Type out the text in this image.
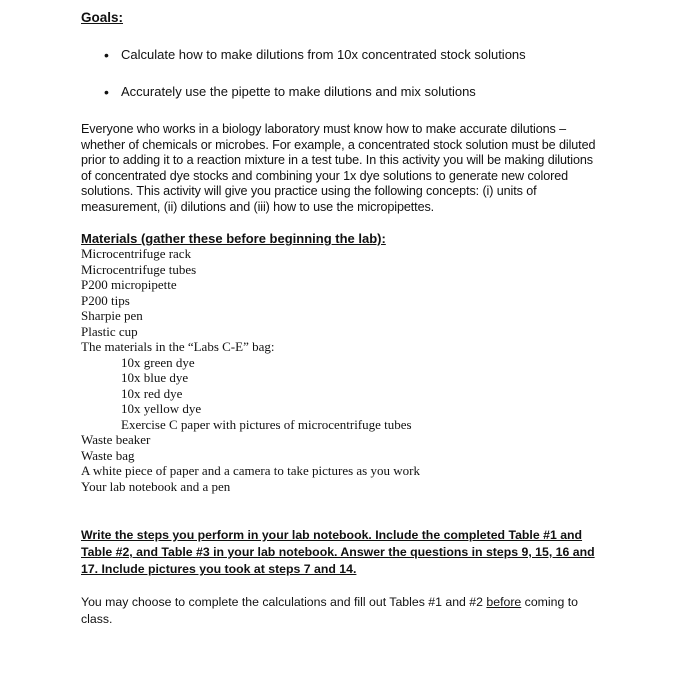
Goals:

• Calculate how to make dilutions from 10x concentrated stock solutions
• Accurately use the pipette to make dilutions and mix solutions

Everyone who works in a biology laboratory must know how to make accurate dilutions – whether of chemicals or microbes. For example, a concentrated stock solution must be diluted prior to adding it to a reaction mixture in a test tube. In this activity you will be making dilutions of concentrated dye stocks and combining your 1x dye solutions to generate new colored solutions. This activity will give you practice using the following concepts: (i) units of measurement, (ii) dilutions and (iii) how to use the micropipettes.

Materials (gather these before beginning the lab):

Microcentrifuge rack
Microcentrifuge tubes
P200 micropipette
P200 tips
Sharpie pen
Plastic cup
The materials in the “Labs C-E” bag:
10x green dye
10x blue dye
10x red dye
10x yellow dye
Exercise C paper with pictures of microcentrifuge tubes
Waste beaker
Waste bag
A white piece of paper and a camera to take pictures as you work
Your lab notebook and a pen

Write the steps you perform in your lab notebook. Include the completed Table #1 and Table #2, and Table #3 in your lab notebook. Answer the questions in steps 9, 15, 16 and 17. Include pictures you took at steps 7 and 14.

You may choose to complete the calculations and fill out Tables #1 and #2 before coming to class.
